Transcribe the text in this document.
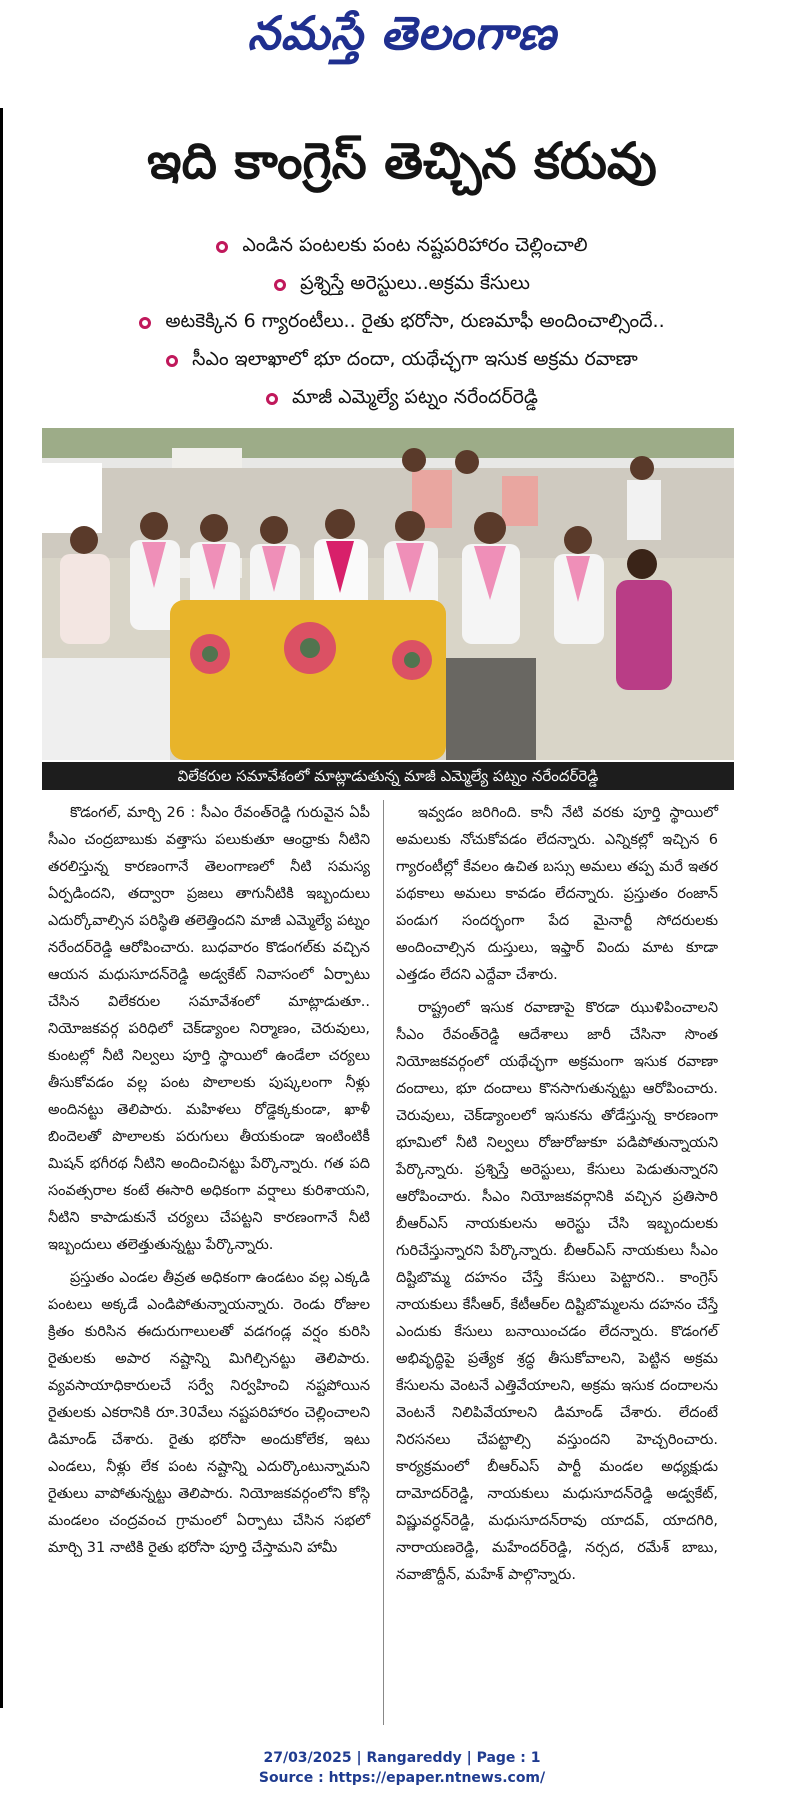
నమస్తే తెలంగాణ
ఇది కాంగ్రెస్ తెచ్చిన కరువు
ఎండిన పంటలకు పంట నష్టపరిహారం చెల్లించాలి
ప్రశ్నిస్తే అరెస్టులు..అక్రమ కేసులు
అటకెక్కిన 6 గ్యారంటీలు.. రైతు భరోసా, రుణమాఫీ అందించాల్సిందే..
సీఎం ఇలాఖాలో భూ దందా, యథేచ్ఛగా ఇసుక అక్రమ రవాణా
మాజీ ఎమ్మెల్యే పట్నం నరేందర్‌రెడ్డి
విలేకరుల సమావేశంలో మాట్లాడుతున్న మాజీ ఎమ్మెల్యే పట్నం నరేందర్‌రెడ్డి

కొడంగల్, మార్చి 26 : సీఎం రేవంత్‌రెడ్డి గురువైన ఏపీ సీఎం చంద్రబాబుకు వత్తాసు పలుకుతూ ఆంధ్రాకు నీటిని తరలిస్తున్న కారణంగానే తెలంగాణలో నీటి సమస్య ఏర్పడిందని, తద్వారా ప్రజలు తాగునీటికి ఇబ్బందులు ఎదుర్కోవాల్సిన పరిస్థితి తలెత్తిందని మాజీ ఎమ్మెల్యే పట్నం నరేందర్‌రెడ్డి ఆరోపించారు. బుధవారం కొడంగల్‌కు వచ్చిన ఆయన మధుసూదన్‌రెడ్డి అడ్వకేట్ నివాసంలో ఏర్పాటు చేసిన విలేకరుల సమావేశంలో మాట్లాడుతూ.. నియోజకవర్గ పరిధిలో చెక్‌డ్యాంల నిర్మాణం, చెరువులు, కుంటల్లో నీటి నిల్వలు పూర్తి స్థాయిలో ఉండేలా చర్యలు తీసుకోవడం వల్ల పంట పొలాలకు పుష్కలంగా నీళ్లు అందినట్టు తెలిపారు. మహిళలు రోడ్డెక్కకుండా, ఖాళీ బిందెలతో పొలాలకు పరుగులు తీయకుండా ఇంటింటికీ మిషన్ భగీరథ నీటిని అందించినట్టు పేర్కొన్నారు. గత పది సంవత్సరాల కంటే ఈసారి అధికంగా వర్షాలు కురిశాయని, నీటిని కాపాడుకునే చర్యలు చేపట్టని కారణంగానే నీటి ఇబ్బందులు తలెత్తుతున్నట్టు పేర్కొన్నారు.

ప్రస్తుతం ఎండల తీవ్రత అధికంగా ఉండటం వల్ల ఎక్కడి పంటలు అక్కడే ఎండిపోతున్నాయన్నారు. రెండు రోజుల క్రితం కురిసిన ఈదురుగాలులతో వడగండ్ల వర్షం కురిసి రైతులకు అపార నష్టాన్ని మిగిల్చినట్టు తెలిపారు. వ్యవసాయాధికారులచే సర్వే నిర్వహించి నష్టపోయిన రైతులకు ఎకరానికి రూ.30వేలు నష్టపరిహారం చెల్లించాలని డిమాండ్ చేశారు. రైతు భరోసా అందుకోలేక, ఇటు ఎండలు, నీళ్లు లేక పంట నష్టాన్ని ఎదుర్కొంటున్నామని రైతులు వాపోతున్నట్టు తెలిపారు. నియోజకవర్గంలోని కోస్గి మండలం చంద్రవంచ గ్రామంలో ఏర్పాటు చేసిన సభలో మార్చి 31 నాటికి రైతు భరోసా పూర్తి చేస్తామని హామీ

ఇవ్వడం జరిగింది. కానీ నేటి వరకు పూర్తి స్థాయిలో అమలుకు నోచుకోవడం లేదన్నారు. ఎన్నికల్లో ఇచ్చిన 6 గ్యారంటీల్లో కేవలం ఉచిత బస్సు అమలు తప్ప మరే ఇతర పథకాలు అమలు కావడం లేదన్నారు. ప్రస్తుతం రంజాన్ పండుగ సందర్భంగా పేద మైనార్టీ సోదరులకు అందించాల్సిన దుస్తులు, ఇఫ్తార్ విందు మాట కూడా ఎత్తడం లేదని ఎద్దేవా చేశారు.

రాష్ట్రంలో ఇసుక రవాణాపై కొరడా ఝుళిపించాలని సీఎం రేవంత్‌రెడ్డి ఆదేశాలు జారీ చేసినా సొంత నియోజకవర్గంలో యథేచ్ఛగా అక్రమంగా ఇసుక రవాణా దందాలు, భూ దందాలు కొనసాగుతున్నట్టు ఆరోపించారు. చెరువులు, చెక్‌డ్యాంలలో ఇసుకను తోడేస్తున్న కారణంగా భూమిలో నీటి నిల్వలు రోజురోజుకూ పడిపోతున్నాయని పేర్కొన్నారు. ప్రశ్నిస్తే అరెస్టులు, కేసులు పెడుతున్నారని ఆరోపించారు. సీఎం నియోజకవర్గానికి వచ్చిన ప్రతిసారి బీఆర్‌ఎస్ నాయకులను అరెస్టు చేసి ఇబ్బందులకు గురిచేస్తున్నారని పేర్కొన్నారు. బీఆర్‌ఎస్ నాయకులు సీఎం దిష్టిబొమ్మ దహనం చేస్తే కేసులు పెట్టారని.. కాంగ్రెస్ నాయకులు కేసీఆర్, కేటీఆర్‌ల దిష్టిబొమ్మలను దహనం చేస్తే ఎందుకు కేసులు బనాయించడం లేదన్నారు. కొడంగల్ అభివృద్ధిపై ప్రత్యేక శ్రద్ధ తీసుకోవాలని, పెట్టిన అక్రమ కేసులను వెంటనే ఎత్తివేయాలని, అక్రమ ఇసుక దందాలను వెంటనే నిలిపివేయాలని డిమాండ్ చేశారు. లేదంటే నిరసనలు చేపట్టాల్సి వస్తుందని హెచ్చరించారు. కార్యక్రమంలో బీఆర్‌ఎస్ పార్టీ మండల అధ్యక్షుడు దామోదర్‌రెడ్డి, నాయకులు మధుసూదన్‌రెడ్డి అడ్వకేట్, విష్ణువర్ధన్‌రెడ్డి, మధుసూదన్‌రావు యాదవ్, యాదగిరి, నారాయణరెడ్డి, మహేందర్‌రెడ్డి, నర్సద, రమేశ్ బాబు, నవాజొద్దీన్, మహేశ్ పాల్గొన్నారు.

27/03/2025 | Rangareddy | Page : 1
Source : https://epaper.ntnews.com/
